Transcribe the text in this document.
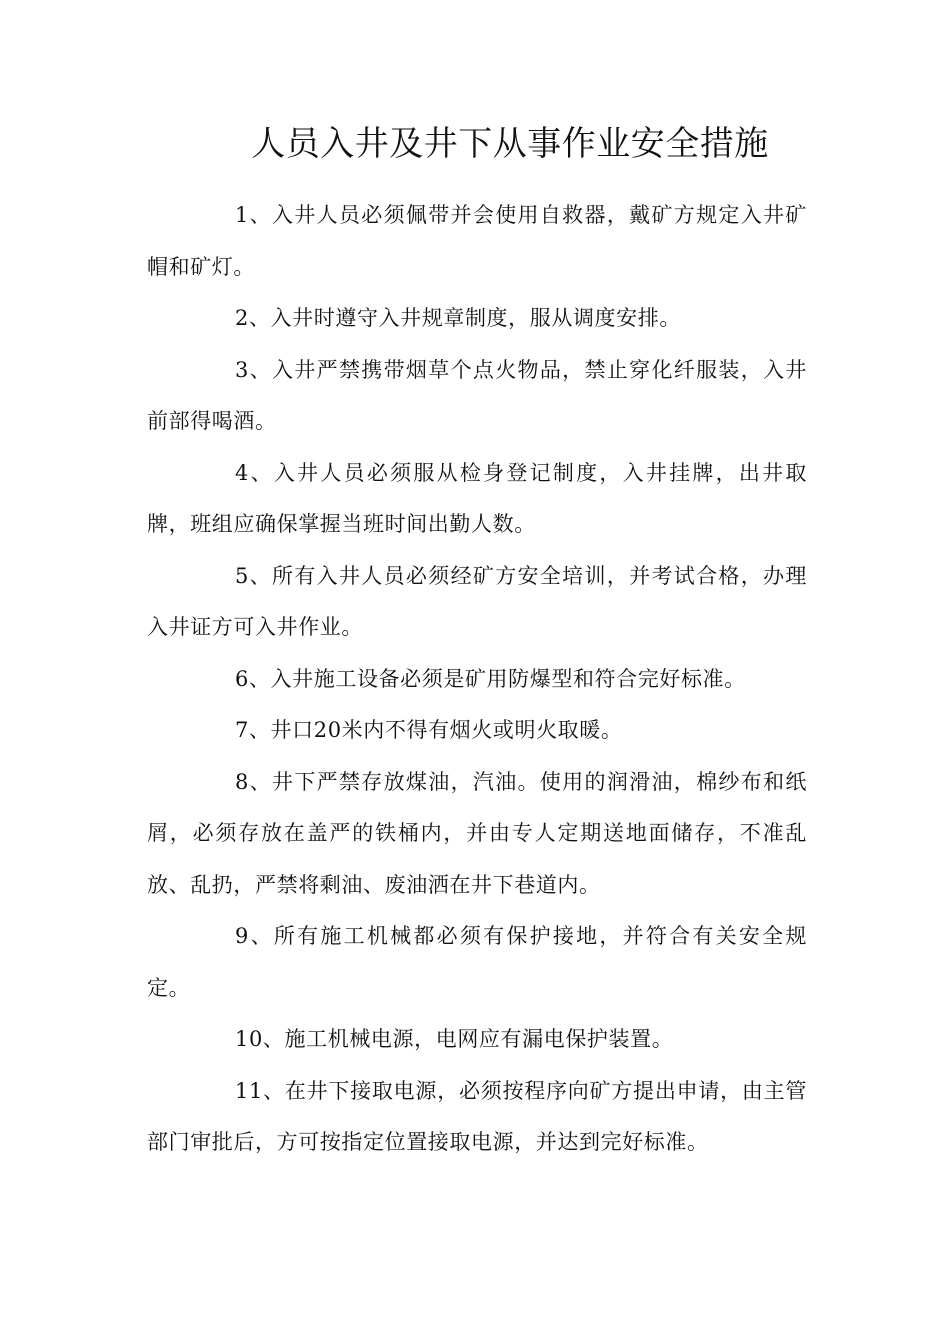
人员入井及井下从事作业安全措施

1、入井人员必须佩带并会使用自救器，戴矿方规定入井矿帽和矿灯。

2、入井时遵守入井规章制度，服从调度安排。

3、入井严禁携带烟草个点火物品，禁止穿化纤服装，入井前部得喝酒。

4、入井人员必须服从检身登记制度，入井挂牌，出井取牌，班组应确保掌握当班时间出勤人数。

5、所有入井人员必须经矿方安全培训，并考试合格，办理入井证方可入井作业。

6、入井施工设备必须是矿用防爆型和符合完好标准。

7、井口20米内不得有烟火或明火取暖。

8、井下严禁存放煤油，汽油。使用的润滑油，棉纱布和纸屑，必须存放在盖严的铁桶内，并由专人定期送地面储存，不准乱放、乱扔，严禁将剩油、废油洒在井下巷道内。

9、所有施工机械都必须有保护接地，并符合有关安全规定。

10、施工机械电源，电网应有漏电保护装置。

11、在井下接取电源，必须按程序向矿方提出申请，由主管部门审批后，方可按指定位置接取电源，并达到完好标准。
